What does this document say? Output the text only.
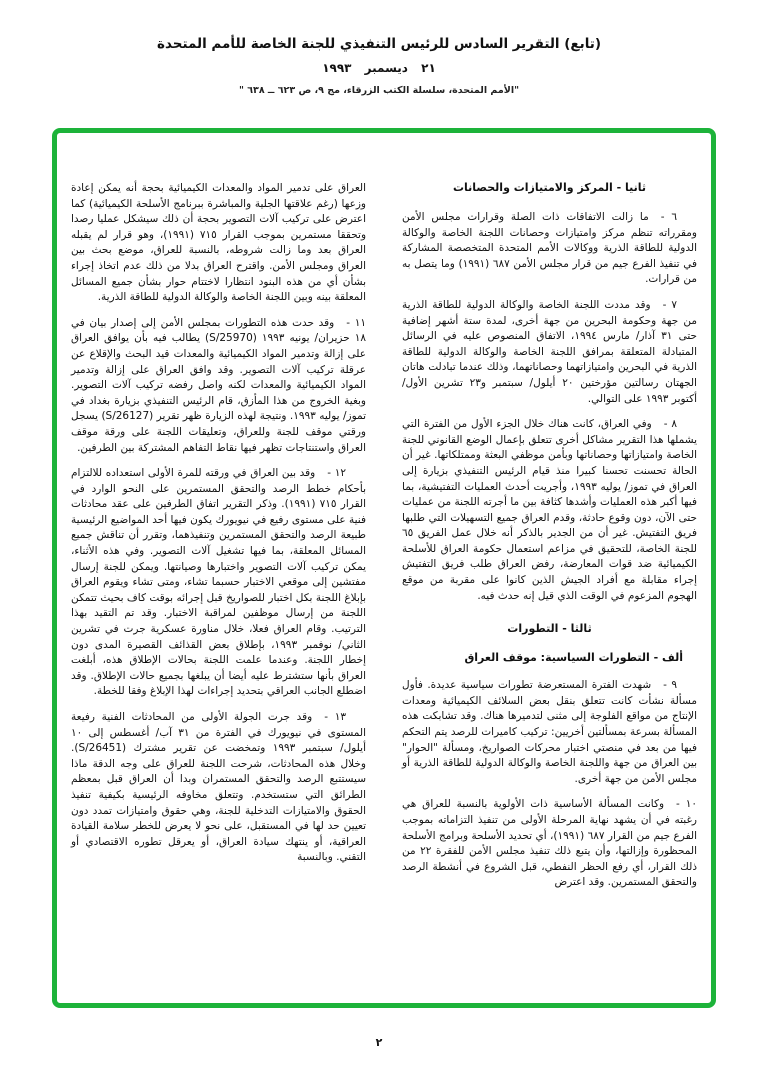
(تابع) التقرير السادس للرئيس التنفيذي للجنة الخاصة للأمم المتحدة
٢١ ديسمبر ١٩٩٣
"الأمم المتحدة، سلسلة الكتب الزرقاء، مج ٩، ص ٦٢٣ ــ ٦٣٨ "
ثانيا - المركز والامتيازات والحصانات

٦ -ما زالت الاتفاقات ذات الصلة وقرارات مجلس الأمن ومقرراته تنظم مركز وامتيازات وحصانات اللجنة الخاصة والوكالة الدولية للطاقة الذرية ووكالات الأمم المتحدة المتخصصة المشاركة في تنفيذ الفرع جيم من قرار مجلس الأمن ٦٨٧ (١٩٩١) وما يتصل به من قرارات.

٧ -وقد مددت اللجنة الخاصة والوكالة الدولية للطاقة الذرية من جهة وحكومة البحرين من جهة أخرى، لمدة ستة أشهر إضافية حتى ٣١ آذار/ مارس ١٩٩٤، الاتفاق المنصوص عليه في الرسائل المتبادلة المتعلقة بمرافق اللجنة الخاصة والوكالة الدولية للطاقة الذرية في البحرين وامتيازاتهما وحصاناتهما، وذلك عندما تبادلت هاتان الجهتان رسالتين مؤرختين ٢٠ أيلول/ سبتمبر و٢٣ تشرين الأول/ أكتوبر ١٩٩٣ على التوالي.

٨ -وفي العراق، كانت هناك خلال الجزء الأول من الفترة التي يشملها هذا التقرير مشاكل أخرى تتعلق بإعمال الوضع القانوني للجنة الخاصة وامتيازاتها وحصاناتها وبأمن موظفي البعثة وممتلكاتها. غير أن الحالة تحسنت تحسنا كبيرا منذ قيام الرئيس التنفيذي بزيارة إلى العراق في تموز/ يوليه ١٩٩٣، وأجريت أحدث العمليات التفتيشية، بما فيها أكبر هذه العمليات وأشدها كثافة بين ما أجرته اللجنة من عمليات حتى الآن، دون وقوع حادثة، وقدم العراق جميع التسهيلات التي طلبها فريق التفتيش. غير أن من الجدير بالذكر أنه خلال عمل الفريق ٦٥ للجنة الخاصة، للتحقيق في مزاعم استعمال حكومة العراق للأسلحة الكيميائية ضد قوات المعارضة، رفض العراق طلب فريق التفتيش إجراء مقابلة مع أفراد الجيش الذين كانوا على مقربة من موقع الهجوم المزعوم في الوقت الذي قيل إنه حدث فيه.

ثالثا - التطورات
ألف - التطورات السياسية: موقف العراق

٩ -شهدت الفترة المستعرضة تطورات سياسية عديدة. فأول مسألة نشأت كانت تتعلق بنقل بعض السلائف الكيميائية ومعدات الإنتاج من مواقع الفلوجة إلى مثنى لتدميرها هناك. وقد تشابكت هذه المسألة بسرعة بمسألتين أخريين: تركيب كاميرات للرصد يتم التحكم فيها من بعد في منصتي اختبار محركات الصواريخ، ومسألة "الحوار" بين العراق من جهة واللجنة الخاصة والوكالة الدولية للطاقة الذرية أو مجلس الأمن من جهة أخرى.

١٠ -وكانت المسألة الأساسية ذات الأولوية بالنسبة للعراق هي رغبته في أن يشهد نهاية المرحلة الأولى من تنفيذ التزاماته بموجب الفرع جيم من القرار ٦٨٧ (١٩٩١)، أي تحديد الأسلحة وبرامج الأسلحة المحظورة وإزالتها، وأن يتبع ذلك تنفيذ مجلس الأمن للفقرة ٢٢ من ذلك القرار، أي رفع الحظر النفطي، قبل الشروع في أنشطة الرصد والتحقق المستمرين. وقد اعترض

العراق على تدمير المواد والمعدات الكيميائية بحجة أنه يمكن إعادة وزعها (رغم علاقتها الجلية والمباشرة ببرنامج الأسلحة الكيميائية) كما اعترض على تركيب آلات التصوير بحجة أن ذلك سيشكل عمليا رصدا وتحققا مستمرين بموجب القرار ٧١٥ (١٩٩١)، وهو قرار لم يقبله العراق بعد وما زالت شروطه، بالنسبة للعراق، موضع بحث بين العراق ومجلس الأمن. واقترح العراق بدلا من ذلك عدم اتخاذ إجراء بشأن أي من هذه البنود انتظارا لاختتام حوار بشأن جميع المسائل المعلقة بينه وبين اللجنة الخاصة والوكالة الدولية للطاقة الذرية.

١١ -وقد حدت هذه التطورات بمجلس الأمن إلى إصدار بيان في ١٨ حزيران/ يونيه ١٩٩٣ (S/25970) يطالب فيه بأن يوافق العراق على إزالة وتدمير المواد الكيميائية والمعدات قيد البحث والإقلاع عن عرقلة تركيب آلات التصوير. وقد وافق العراق على إزالة وتدمير المواد الكيميائية والمعدات لكنه واصل رفضه تركيب آلات التصوير. وبغية الخروج من هذا المأزق، قام الرئيس التنفيذي بزيارة بغداد في تموز/ يوليه ١٩٩٣. ونتيجة لهذه الزيارة ظهر تقرير (S/26127) يسجل ورقتي موقف للجنة وللعراق، وتعليقات اللجنة على ورقة موقف العراق واستنتاجات تظهر فيها نقاط التفاهم المشتركة بين الطرفين.

١٢ -وقد بين العراق في ورقته للمرة الأولى استعداده للالتزام بأحكام خطط الرصد والتحقق المستمرين على النحو الوارد في القرار ٧١٥ (١٩٩١). وذكر التقرير اتفاق الطرفين على عقد محادثات فنية على مستوى رفيع في نيويورك يكون فيها أحد المواضيع الرئيسية طبيعة الرصد والتحقق المستمرين وتنفيذهما، وتقرر أن تناقش جميع المسائل المعلقة، بما فيها تشغيل آلات التصوير. وفي هذه الأثناء، يمكن تركيب آلات التصوير واختبارها وصيانتها. ويمكن للجنة إرسال مفتشين إلى موقعي الاختبار حسبما تشاء، ومتى تشاء ويقوم العراق بإبلاغ اللجنة بكل اختبار للصواريخ قبل إجرائه بوقت كاف بحيث تتمكن اللجنة من إرسال موظفين لمراقبة الاختبار. وقد تم التقيد بهذا الترتيب. وقام العراق فعلا، خلال مناورة عسكرية جرت في تشرين الثاني/ نوفمبر ١٩٩٣، بإطلاق بعض القذائف القصيرة المدى دون إخطار اللجنة. وعندما علمت اللجنة بحالات الإطلاق هذه، أبلغت العراق بأنها ستشترط عليه أيضا أن يبلغها بجميع حالات الإطلاق. وقد اضطلع الجانب العراقي بتحديد إجراءات لهذا الإبلاغ وفقا للخطة.

١٣ -وقد جرت الجولة الأولى من المحادثات الفنية رفيعة المستوى في نيويورك في الفترة من ٣١ آب/ أغسطس إلى ١٠ أيلول/ سبتمبر ١٩٩٣ وتمخضت عن تقرير مشترك (S/26451). وخلال هذه المحادثات، شرحت اللجنة للعراق على وجه الدقة ماذا سيستتبع الرصد والتحقق المستمران وبدا أن العراق قبل بمعظم الطرائق التي ستستخدم. وتتعلق مخاوفه الرئيسية بكيفية تنفيذ الحقوق والامتيازات التدخلية للجنة، وهي حقوق وامتيازات تمدد دون تعيين حد لها في المستقبل، على نحو لا يعرض للخطر سلامة القيادة العراقية، أو ينتهك سيادة العراق، أو يعرقل تطوره الاقتصادي أو التقني. وبالنسبة

٢
